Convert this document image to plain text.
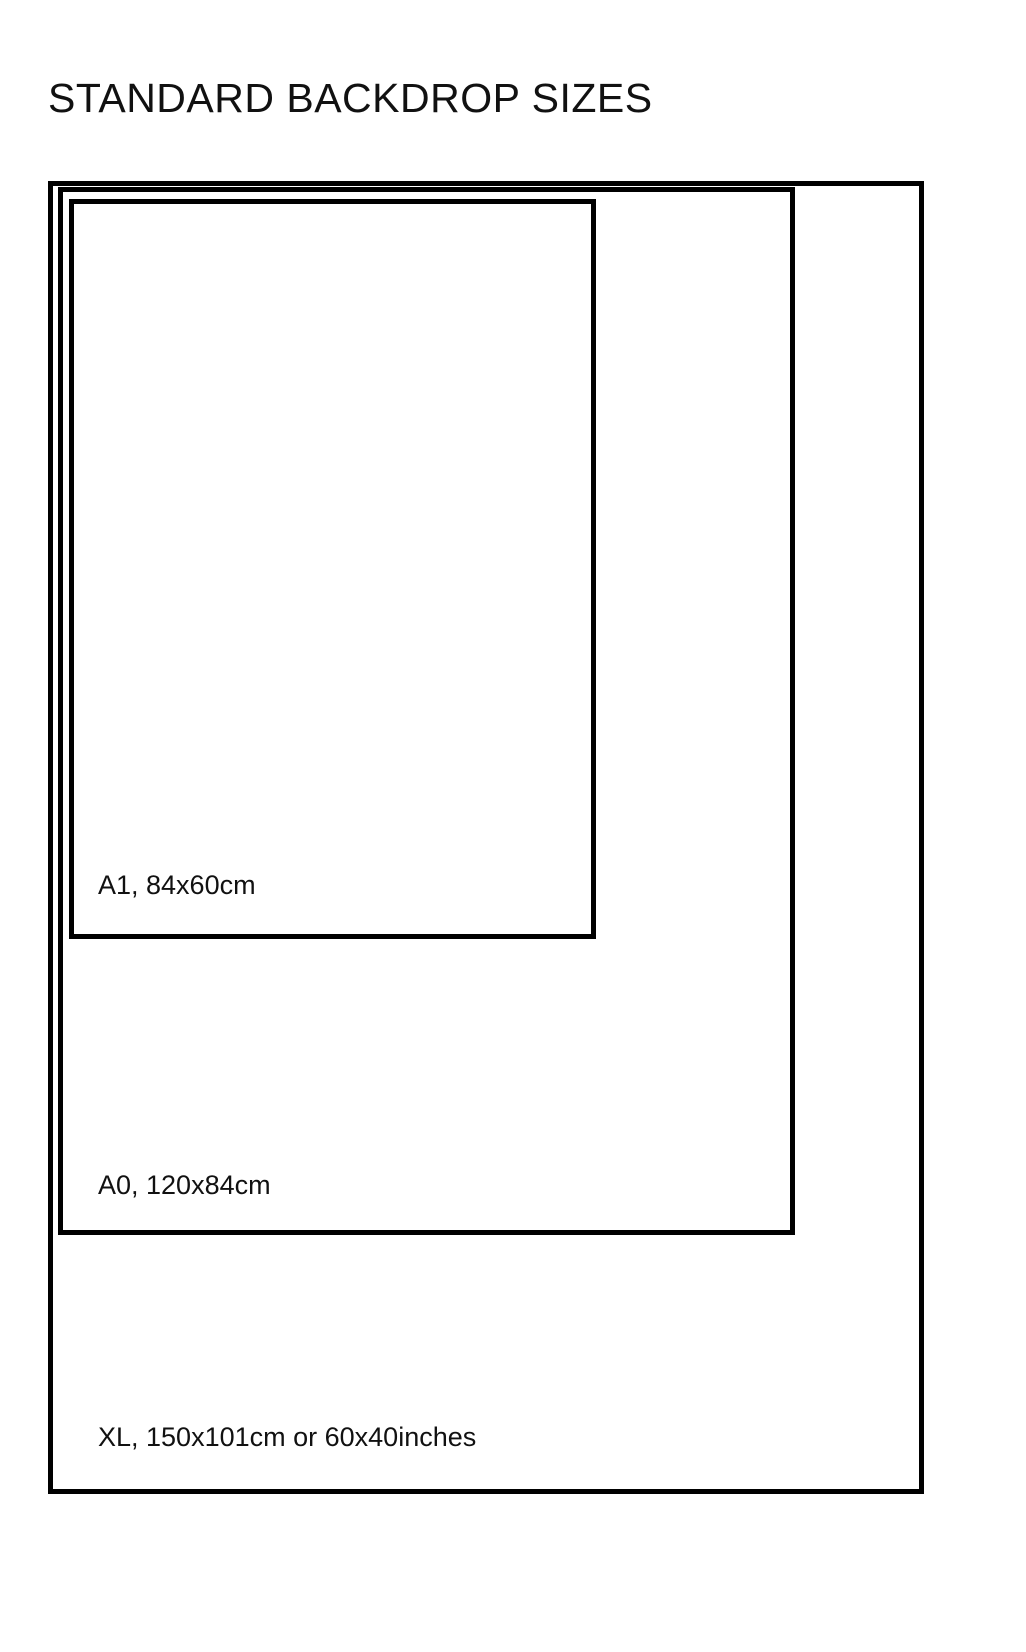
STANDARD BACKDROP SIZES
A1, 84x60cm
A0, 120x84cm
XL, 150x101cm or 60x40inches
